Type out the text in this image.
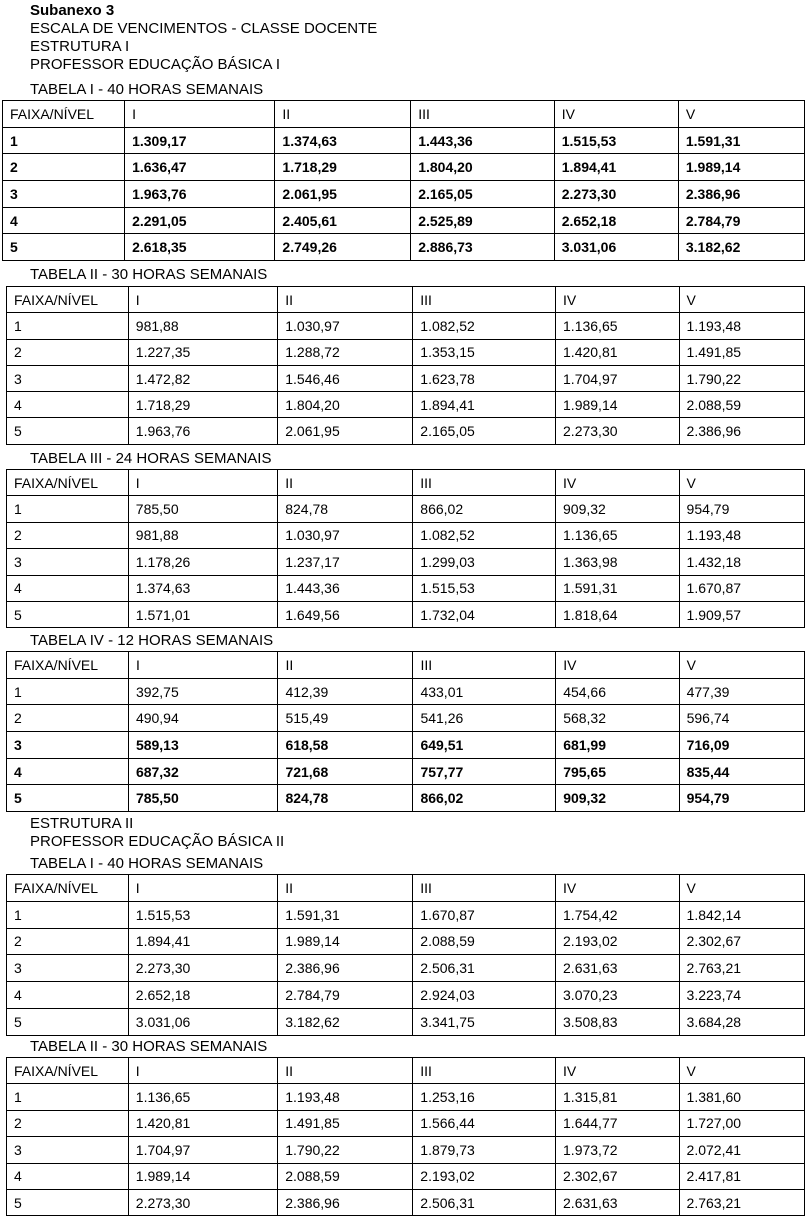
Subanexo 3
ESCALA DE VENCIMENTOS - CLASSE DOCENTE
ESTRUTURA I
PROFESSOR EDUCAÇÃO BÁSICA I
ESTRUTURA II
PROFESSOR EDUCAÇÃO BÁSICA II
TABELA I - 40 HORAS SEMANAIS
FAIXA/NÍVEL	I	II	III	IV	V
1	1.309,17	1.374,63	1.443,36	1.515,53	1.591,31
2	1.636,47	1.718,29	1.804,20	1.894,41	1.989,14
3	1.963,76	2.061,95	2.165,05	2.273,30	2.386,96
4	2.291,05	2.405,61	2.525,89	2.652,18	2.784,79
5	2.618,35	2.749,26	2.886,73	3.031,06	3.182,62
TABELA II - 30 HORAS SEMANAIS
FAIXA/NÍVEL	I	II	III	IV	V
1	981,88	1.030,97	1.082,52	1.136,65	1.193,48
2	1.227,35	1.288,72	1.353,15	1.420,81	1.491,85
3	1.472,82	1.546,46	1.623,78	1.704,97	1.790,22
4	1.718,29	1.804,20	1.894,41	1.989,14	2.088,59
5	1.963,76	2.061,95	2.165,05	2.273,30	2.386,96
TABELA III - 24 HORAS SEMANAIS
FAIXA/NÍVEL	I	II	III	IV	V
1	785,50	824,78	866,02	909,32	954,79
2	981,88	1.030,97	1.082,52	1.136,65	1.193,48
3	1.178,26	1.237,17	1.299,03	1.363,98	1.432,18
4	1.374,63	1.443,36	1.515,53	1.591,31	1.670,87
5	1.571,01	1.649,56	1.732,04	1.818,64	1.909,57
TABELA IV - 12 HORAS SEMANAIS
FAIXA/NÍVEL	I	II	III	IV	V
1	392,75	412,39	433,01	454,66	477,39
2	490,94	515,49	541,26	568,32	596,74
3	589,13	618,58	649,51	681,99	716,09
4	687,32	721,68	757,77	795,65	835,44
5	785,50	824,78	866,02	909,32	954,79
TABELA I - 40 HORAS SEMANAIS
FAIXA/NÍVEL	I	II	III	IV	V
1	1.515,53	1.591,31	1.670,87	1.754,42	1.842,14
2	1.894,41	1.989,14	2.088,59	2.193,02	2.302,67
3	2.273,30	2.386,96	2.506,31	2.631,63	2.763,21
4	2.652,18	2.784,79	2.924,03	3.070,23	3.223,74
5	3.031,06	3.182,62	3.341,75	3.508,83	3.684,28
TABELA II - 30 HORAS SEMANAIS
FAIXA/NÍVEL	I	II	III	IV	V
1	1.136,65	1.193,48	1.253,16	1.315,81	1.381,60
2	1.420,81	1.491,85	1.566,44	1.644,77	1.727,00
3	1.704,97	1.790,22	1.879,73	1.973,72	2.072,41
4	1.989,14	2.088,59	2.193,02	2.302,67	2.417,81
5	2.273,30	2.386,96	2.506,31	2.631,63	2.763,21
